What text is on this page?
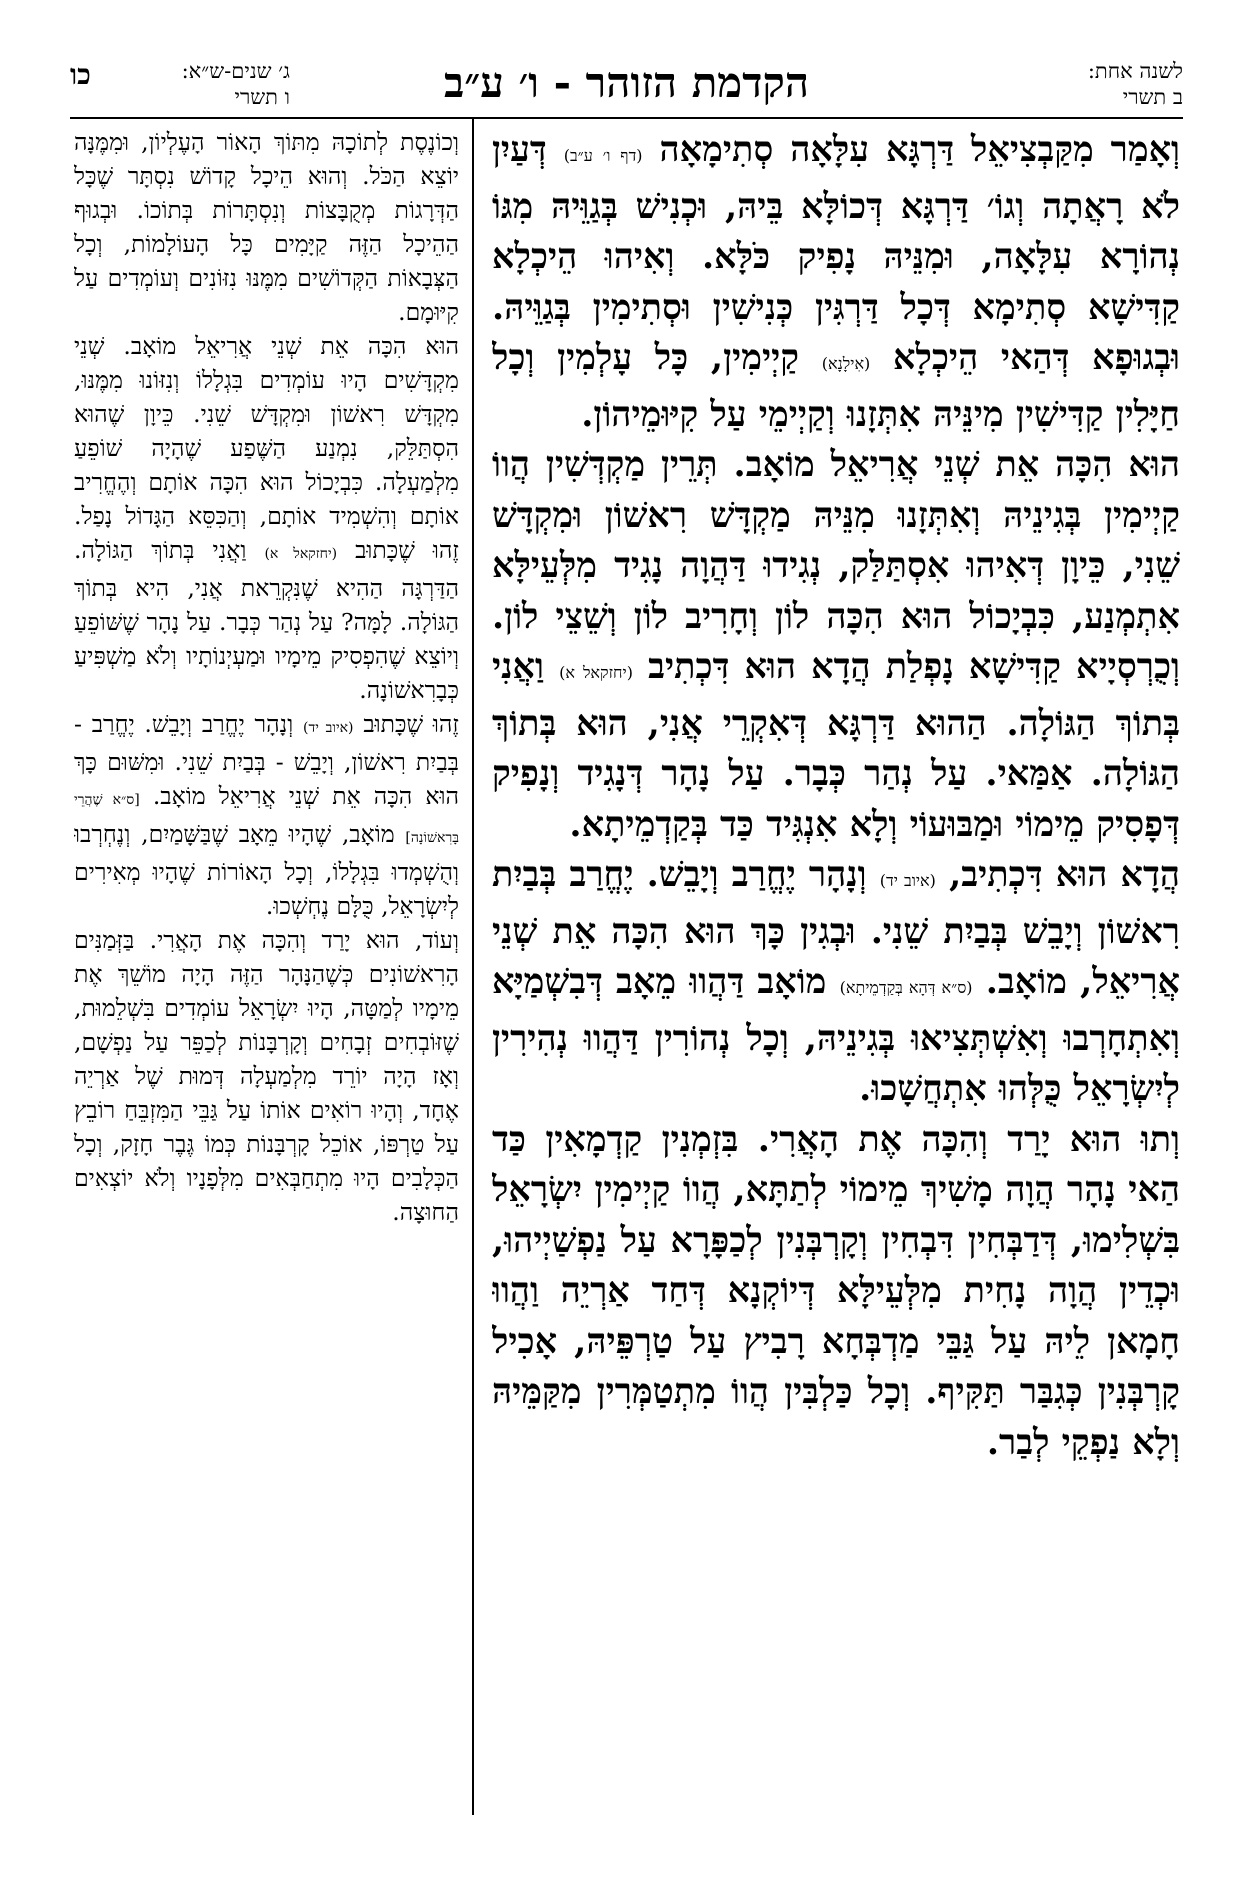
הקדמת הזוהר - ו׳ ע״ב	לשנה אחת:
ב תשרי
ג׳ שנים-ש״א:
ו תשרי
כו

וְאָמַר מִקַּבְצִיאֵל דַּרְגָּא עִלָּאָה סְתִימָאָה (דף ו׳ ע״ב) דְּעַיִן לֹא רָאֲתָה וְגוֹ׳ דַּרְגָּא דְּכוֹלָּא בֵּיהּ, וּכְנִישׁ בְּגַוֵּיהּ מִגּוֹ נְהוֹרָא עִלָּאָה, וּמִנֵּיהּ נָפִיק כֹּלָּא. וְאִיהוּ הֵיכְלָא קַדִּישָׁא סְתִימָא דְּכָל דַּרְגִּין כְּנִישִׁין וּסְתִימִין בְּגַוֵּיהּ. וּבְגוּפָא דְּהַאי הֵיכְלָא (אִילָנָא) קַיְימִין, כָּל עָלְמִין וְכָל חַיָּלִין קַדִּישִׁין מִינֵּיהּ אִתְּזָנוּ וְקַיְימֵי עַל קִיּוּמֵיהוֹן.

הוּא הִכָּה אֵת שְׁנֵי אֲרִיאֵל מוֹאָב. תְּרֵין מַקְדְּשִׁין הֲווֹ קַיְימִין בְּגִינֵיהּ וְאִתְּזָנוּ מִנֵּיהּ מַקְדָּשׁ רִאשׁוֹן וּמִקְדָּשׁ שֵׁנִי, כֵּיוָן דְּאִיהוּ אִסְתַּלַּק, נְגִידוּ דַּהֲוָה נָגִיד מִלְּעֵילָּא אִתְמְנַע, כִּבְיָכוֹל הוּא הִכָּה לוֹן וְחָרִיב לוֹן וְשֵׁצֵי לוֹן. וְכֻרְסְיָיא קַדִּישָׁא נָפְלַת הֲדָא הוּא דִּכְתִיב (יחזקאל א) וַאֲנִי בְּתוֹךְ הַגּוֹלָה. הַהוּא דַּרְגָּא דְּאִקְרֵי אֲנִי, הוּא בְּתוֹךְ הַגּוֹלָה. אַמַּאי. עַל נְהַר כְּבָר. עַל נָהָר דְּנָגִיד וְנָפִיק דְּפָסִיק מֵימוֹי וּמַבּוּעוֹי וְלָא אִנְגִּיד כַּד בְּקַדְמֵיתָא.

הֲדָא הוּא דִּכְתִיב, (איוב יד) וְנָהָר יֶחֱרַב וְיָבֵשׁ. יֶחֱרַב בְּבַיִת רִאשׁוֹן וְיָבֵשׁ בְּבַיִת שֵׁנִי. וּבְגִין כָּךְ הוּא הִכָּה אֵת שְׁנֵי אֲרִיאֵל, מוֹאָב. (ס״א דְּהָא בְּקַדְמֵיתָא) מוֹאָב דַּהֲווּ מֵאָב דְּבִשְׁמַיָּא וְאִתְחָרְבוּ וְאִשְׁתְּצִיאוּ בְּגִינֵיהּ, וְכָל נְהוֹרִין דַּהֲווּ נְהִירִין לְיִשְׂרָאֵל כֻּלְּהוּ אִתְחֲשָׁכוּ.

וְתוּ הוּא יָרַד וְהִכָּה אֶת הָאֲרִי. בִּזְמְנִין קַדְמָאִין כַּד הַאי נָהָר הֲוָה מָשִׁיךְ מֵימוֹי לְתַתָּא, הֲווֹ קַיְימִין יִשְׂרָאֵל בִּשְׁלִימוּ, דְּדַבְּחִין דִּבְחִין וְקָרְבְּנִין לְכַפָּרָא עַל נַפְשַׁיְיהוּ, וּכְדֵין הֲוָה נָחִית מִלְּעֵילָּא דְּיוֹקְנָא דְּחַד אַרְיֵה וַהֲווּ חָמָאן לֵיהּ עַל גַּבֵּי מַדְבְּחָא רָבִיץ עַל טַרְפֵּיהּ, אָכִיל קָרְבְּנִין כְּגִבַּר תַּקִּיף. וְכָל כַּלְבִּין הֲווֹ מִתְטַמְּרִין מִקַּמֵּיהּ וְלָא נַפְקֵי לְבַר.

וְכוֹנֶסֶת לְתוֹכָהּ מִתּוֹךְ הָאוֹר הָעֶלְיוֹן, וּמִמֶּנָּה יוֹצֵא הַכֹּל. וְהוּא הֵיכָל קָדוֹשׁ נִסְתָּר שֶׁכָּל הַדְּרָגוֹת מְקֻבָּצוֹת וְנִסְתָּרוֹת בְּתוֹכוֹ. וּבְגוּף הַהֵיכָל הַזֶּה קַיָּמִים כָּל הָעוֹלָמוֹת, וְכָל הַצְּבָאוֹת הַקְּדוֹשִׁים מִמֶּנּוּ נִזּוֹנִים וְעוֹמְדִים עַל קִיּוּמָם.

הוּא הִכָּה אֵת שְׁנֵי אֲרִיאֵל מוֹאָב. שְׁנֵי מִקְדָּשִׁים הָיוּ עוֹמְדִים בִּגְלָלוֹ וְנִזּוֹנוּ מִמֶּנּוּ, מִקְדָּשׁ רִאשׁוֹן וּמִקְדָּשׁ שֵׁנִי. כֵּיוָן שֶׁהוּא הִסְתַּלֵּק, נִמְנַע הַשֶּׁפַע שֶׁהָיָה שׁוֹפֵעַ מִלְמַעְלָה. כִּבְיָכוֹל הוּא הִכָּה אוֹתָם וְהֶחֱרִיב אוֹתָם וְהִשְׁמִיד אוֹתָם, וְהַכִּסֵּא הַגָּדוֹל נָפַל. זֶהוּ שֶׁכָּתוּב (יחזקאל א) וַאֲנִי בְּתוֹךְ הַגּוֹלָה. הַדַּרְגָּה הַהִיא שֶׁנִּקְרֵאת אֲנִי, הִיא בְּתוֹךְ הַגּוֹלָה. לָמָּה? עַל נְהַר כְּבָר. עַל נָהָר שֶׁשּׁוֹפֵעַ וְיוֹצֵא שֶׁהִפְסִיק מֵימָיו וּמַעְיְנוֹתָיו וְלֹא מַשְׁפִּיעַ כְּבָרִאשׁוֹנָה.

זֶהוּ שֶׁכָּתוּב (איוב יד) וְנָהָר יֶחֱרַב וְיָבֵשׁ. יֶחֱרַב - בְּבַיִת רִאשׁוֹן, וְיָבֵשׁ - בְּבַיִת שֵׁנִי. וּמִשּׁוּם כָּךְ הוּא הִכָּה אֵת שְׁנֵי אֲרִיאֵל מוֹאָב. [ס״א שֶׁהֲרֵי בָּרִאשׁוֹנָה] מוֹאָב, שֶׁהָיוּ מֵאָב שֶׁבַּשָּׁמַיִם, וְנֶחְרְבוּ וְהֻשְׁמְדוּ בִּגְלָלוֹ, וְכָל הָאוֹרוֹת שֶׁהָיוּ מְאִירִים לְיִשְׂרָאֵל, כֻּלָּם נֶחְשְׁכוּ.

וְעוֹד, הוּא יָרַד וְהִכָּה אֶת הָאֲרִי. בַּזְּמַנִּים הָרִאשׁוֹנִים כְּשֶׁהַנָּהָר הַזֶּה הָיָה מוֹשֵׁךְ אֶת מֵימָיו לְמַטָּה, הָיוּ יִשְׂרָאֵל עוֹמְדִים בִּשְׁלֵמוּת, שֶׁזּוֹבְחִים זְבָחִים וְקָרְבָּנוֹת לְכַפֵּר עַל נַפְשָׁם, וְאָז הָיָה יוֹרֵד מִלְמַעְלָה דְּמוּת שֶׁל אַרְיֵה אֶחָד, וְהָיוּ רוֹאִים אוֹתוֹ עַל גַּבֵּי הַמִּזְבֵּחַ רוֹבֵץ עַל טַרְפּוֹ, אוֹכֵל קָרְבָּנוֹת כְּמוֹ גֶּבֶר חָזָק, וְכָל הַכְּלָבִים הָיוּ מִתְחַבְּאִים מִלְּפָנָיו וְלֹא יוֹצְאִים הַחוּצָה.
